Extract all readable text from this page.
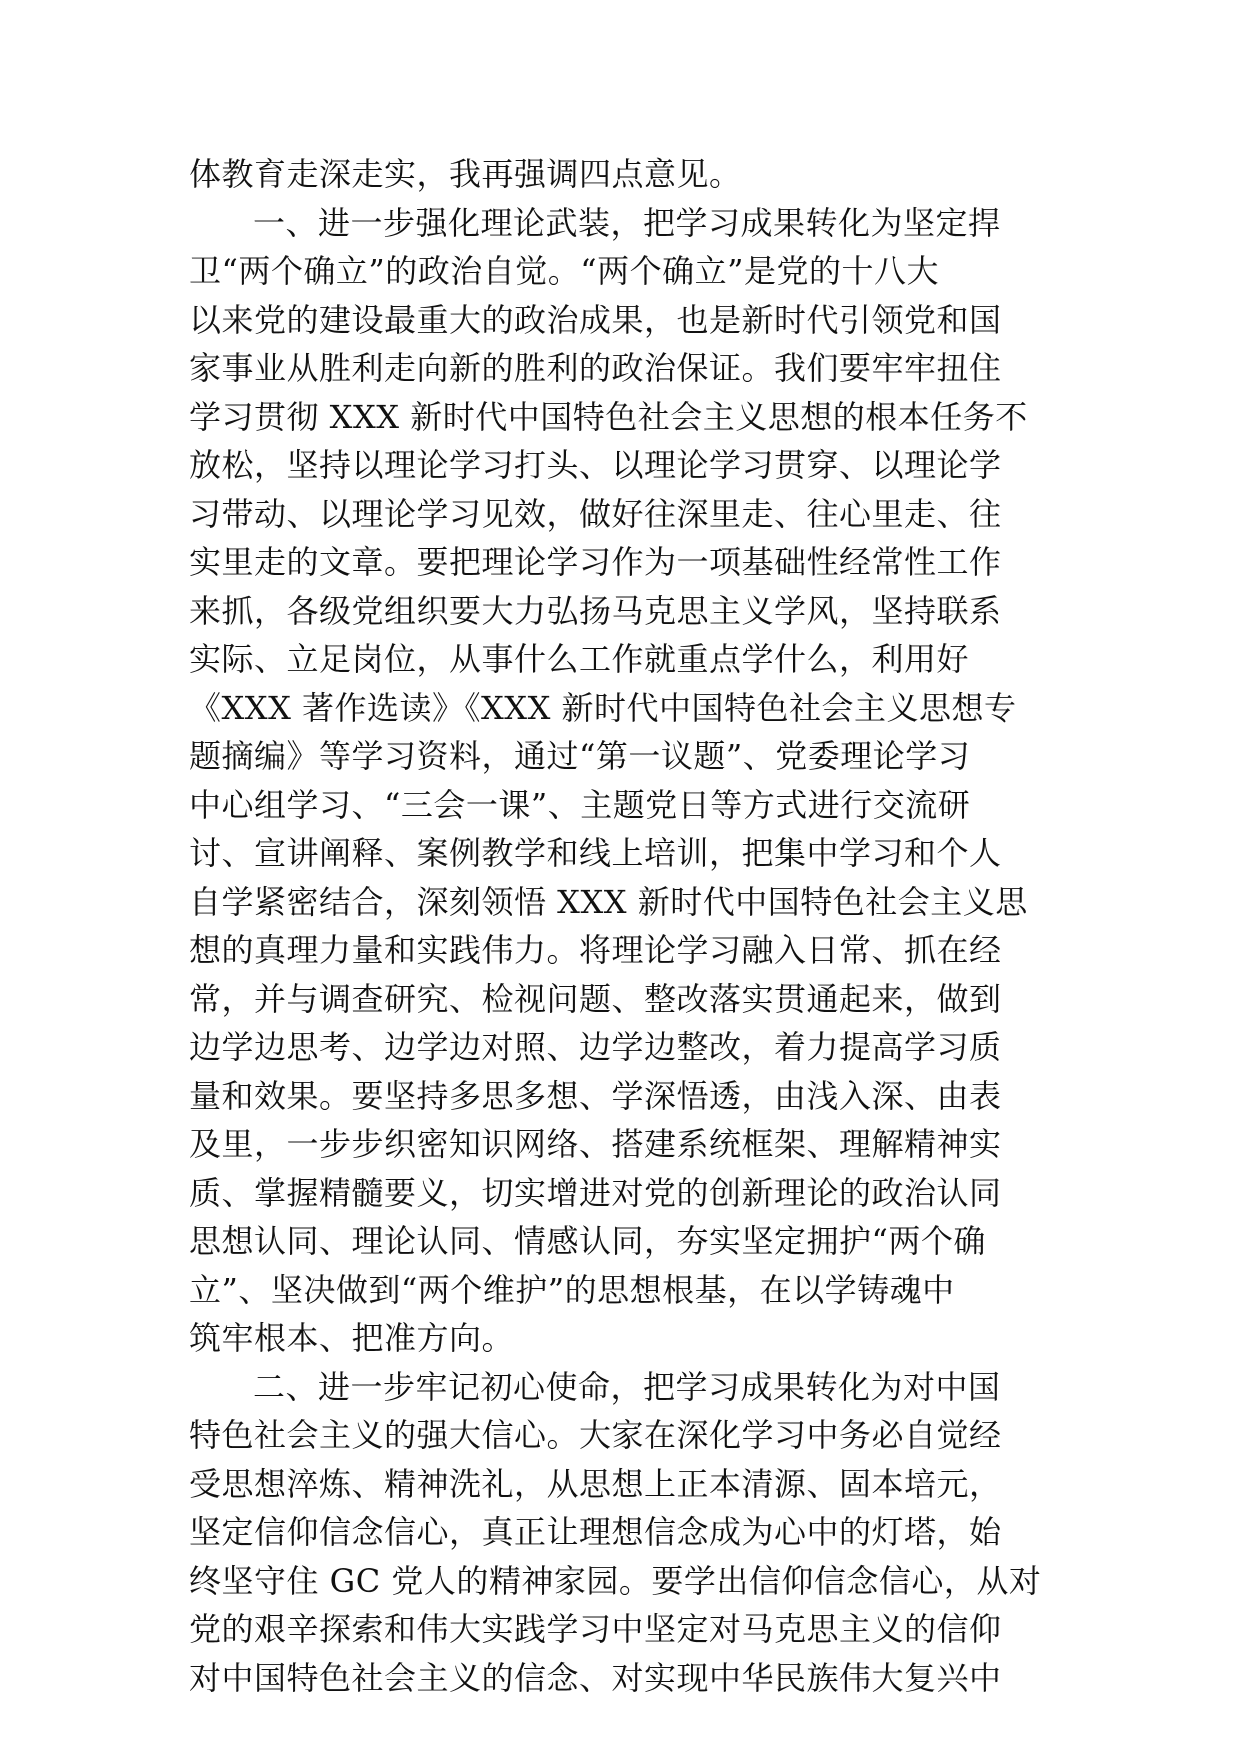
体教育走深走实，我再强调四点意见。
一、进一步强化理论武装，把学习成果转化为坚定捍
卫“两个确立”的政治自觉。“两个确立”是党的十八大
以来党的建设最重大的政治成果，也是新时代引领党和国
家事业从胜利走向新的胜利的政治保证。我们要牢牢扭住
学习贯彻 XXX 新时代中国特色社会主义思想的根本任务不
放松，坚持以理论学习打头、以理论学习贯穿、以理论学
习带动、以理论学习见效，做好往深里走、往心里走、往
实里走的文章。要把理论学习作为一项基础性经常性工作
来抓，各级党组织要大力弘扬马克思主义学风，坚持联系
实际、立足岗位，从事什么工作就重点学什么，利用好
《XXX 著作选读》《XXX 新时代中国特色社会主义思想专
题摘编》等学习资料，通过“第一议题”、党委理论学习
中心组学习、“三会一课”、主题党日等方式进行交流研
讨、宣讲阐释、案例教学和线上培训，把集中学习和个人
自学紧密结合，深刻领悟 XXX 新时代中国特色社会主义思
想的真理力量和实践伟力。将理论学习融入日常、抓在经
常，并与调查研究、检视问题、整改落实贯通起来，做到
边学边思考、边学边对照、边学边整改，着力提高学习质
量和效果。要坚持多思多想、学深悟透，由浅入深、由表
及里，一步步织密知识网络、搭建系统框架、理解精神实
质、掌握精髓要义，切实增进对党的创新理论的政治认同
思想认同、理论认同、情感认同，夯实坚定拥护“两个确
立”、坚决做到“两个维护”的思想根基，在以学铸魂中
筑牢根本、把准方向。
二、进一步牢记初心使命，把学习成果转化为对中国
特色社会主义的强大信心。大家在深化学习中务必自觉经
受思想淬炼、精神洗礼，从思想上正本清源、固本培元，
坚定信仰信念信心，真正让理想信念成为心中的灯塔，始
终坚守住 GC 党人的精神家园。要学出信仰信念信心，从对
党的艰辛探索和伟大实践学习中坚定对马克思主义的信仰
对中国特色社会主义的信念、对实现中华民族伟大复兴中
